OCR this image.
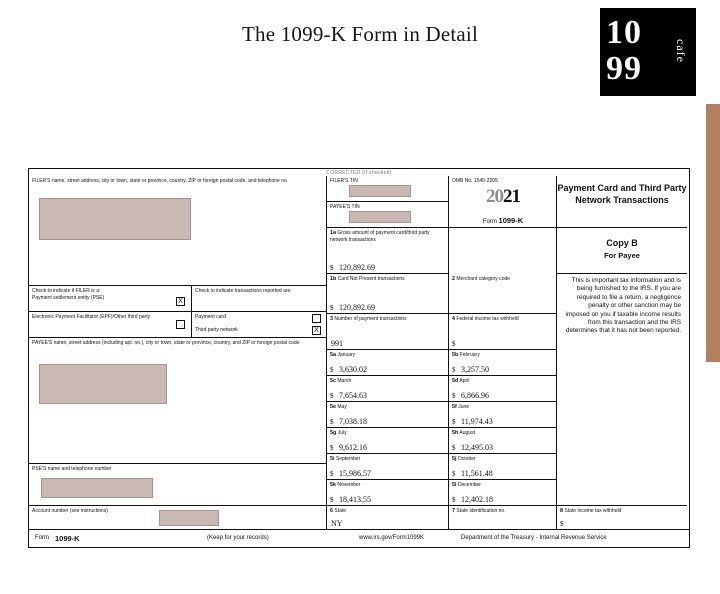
The 1099-K Form in Detail	10
99	cafe
CORRECTED (if checked)
FILER'S name, street address, city or town, state or province, country, ZIP or foreign postal code, and telephone no.
Check to indicate if FILER is a:
Payment settlement entity (PSE)
X
Check to indicate transactions reported are:
Electronic Payment Facilitator (EPF)/Other third party	Payment card
Third party network	X
PAYEE'S name, street address (including apt. no.), city or town, state or province, country, and ZIP or foreign postal code
PSE'S name and telephone number
Account number (see instructions)
FILER'S TIN
PAYEE'S TIN
OMB No. 1545-2205
2021
Form 1099-K
1a Gross amount of payment card/third party network transactions
$ 120,892.69
1b Card Not Present transactions
$ 120,892.69
2 Merchant category code
3 Number of payment transactions
991
4 Federal income tax withheld
$
5a January
$ 3,630.02
5b February
$ 3,257.50
5c March
$ 7,654.63
5d April
$ 6,866.96
5e May
$ 7,038.18
5f June
$ 11,974.43
5g July
$ 9,612.16
5h August
$ 12,495.03
5i September
$ 15,986.57
5j October
$ 11,561.48
5k November
$ 18,413.55
5l December
$ 12,402.18
6 State
NY
7 State identification no.
Payment Card and Third Party Network Transactions
Copy B
For Payee
This is important tax information and is being furnished to the IRS. If you are required to file a return, a negligence penalty or other sanction may be imposed on you if taxable income results from this transaction and the IRS determines that it has not been reported.
8 State income tax withheld
$
Form 1099-K	(Keep for your records)	www.irs.gov/Form1099K	Department of the Treasury - Internal Revenue Service
